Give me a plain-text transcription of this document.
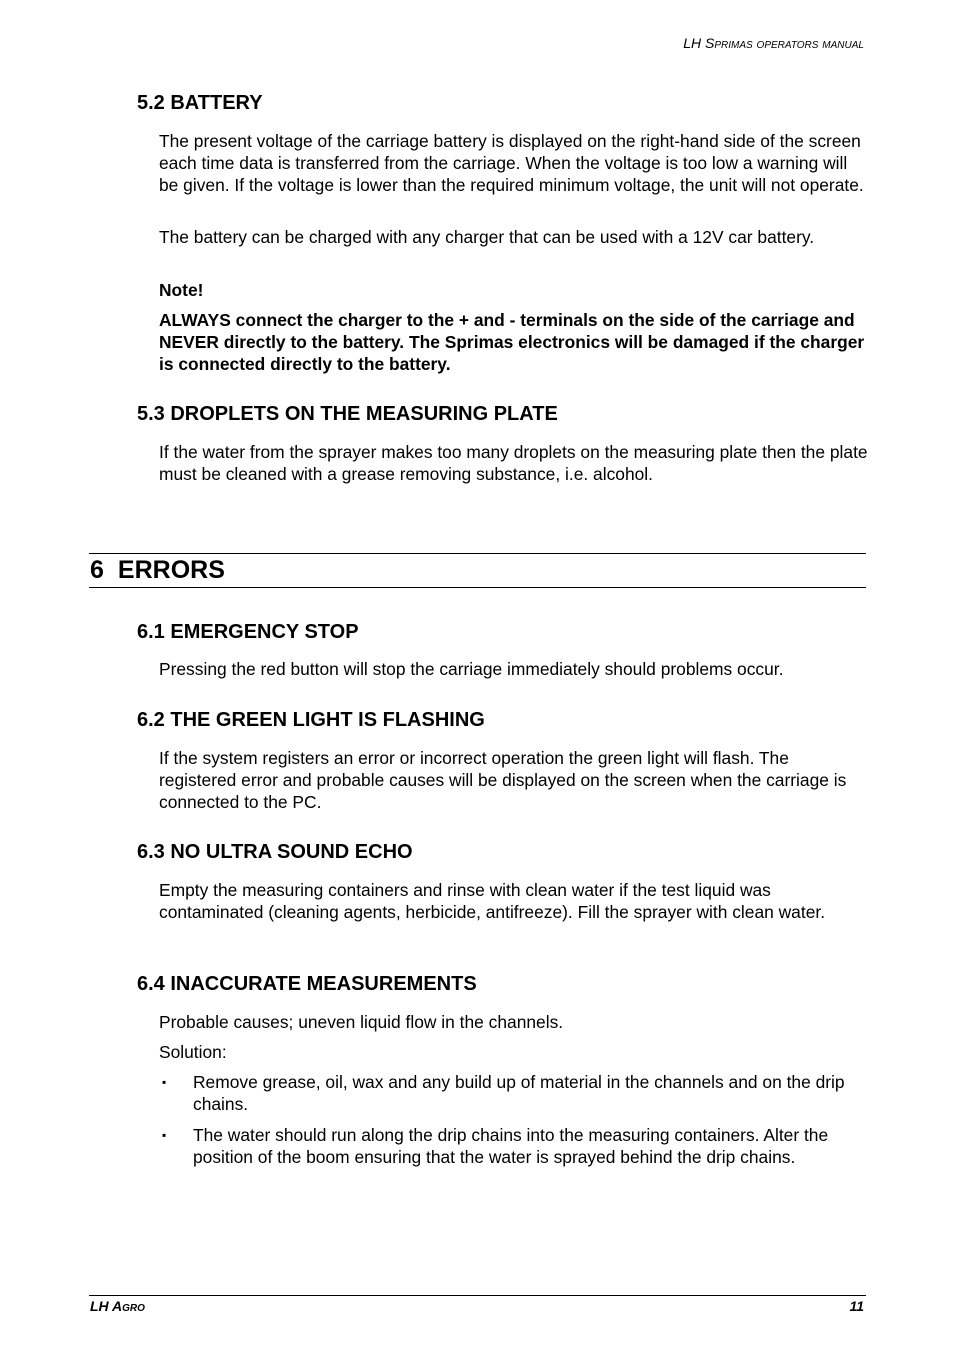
LH Sprimas operators manual
5.2 BATTERY

The present voltage of the carriage battery is displayed on the right-hand side of the screen each time data is transferred from the carriage. When the voltage is too low a warning will be given. If the voltage is lower than the required minimum voltage, the unit will not operate.

The battery can be charged with any charger that can be used with a 12V car battery.

Note!

ALWAYS connect the charger to the + and - terminals on the side of the carriage and NEVER directly to the battery. The Sprimas electronics will be damaged if the charger is connected directly to the battery.

5.3 DROPLETS ON THE MEASURING PLATE

If the water from the sprayer makes too many droplets on the measuring plate then the plate must be cleaned with a grease removing substance, i.e. alcohol.

6 ERRORS
6.1 EMERGENCY STOP

Pressing the red button will stop the carriage immediately should problems occur.

6.2 THE GREEN LIGHT IS FLASHING

If the system registers an error or incorrect operation the green light will flash. The registered error and probable causes will be displayed on the screen when the carriage is connected to the PC.

6.3 NO ULTRA SOUND ECHO

Empty the measuring containers and rinse with clean water if the test liquid was contaminated (cleaning agents, herbicide, antifreeze). Fill the sprayer with clean water.

6.4 INACCURATE MEASUREMENTS

Probable causes; uneven liquid flow in the channels.

Solution:

▪ Remove grease, oil, wax and any build up of material in the channels and on the drip chains.

▪ The water should run along the drip chains into the measuring containers. Alter the position of the boom ensuring that the water is sprayed behind the drip chains.

LH Agro	11
